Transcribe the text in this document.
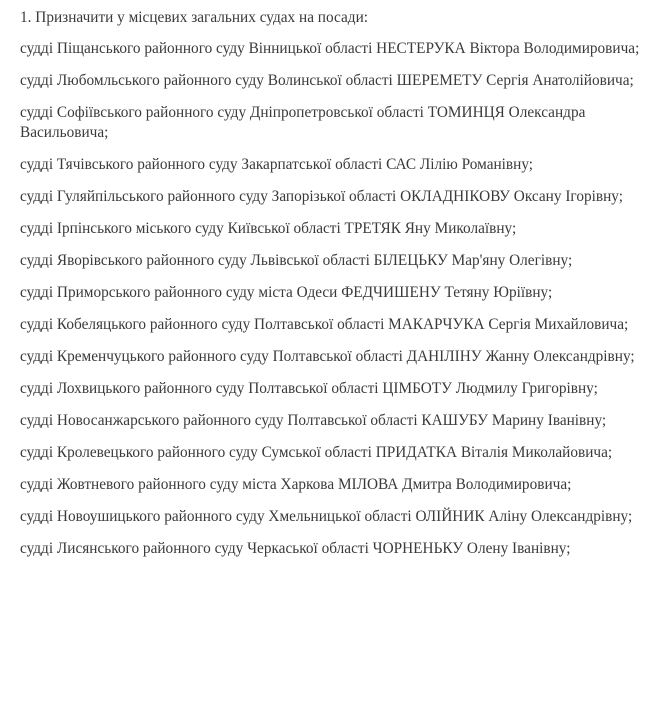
1. Призначити у місцевих загальних судах на посади:

судді Піщанського районного суду Вінницької області НЕСТЕРУКА Віктора Володимировича;

судді Любомльського районного суду Волинської області ШЕРЕМЕТУ Сергія Анатолійовича;

судді Софіївського районного суду Дніпропетровської області ТОМИНЦЯ Олександра Васильовича;

судді Тячівського районного суду Закарпатської області САС Лілію Романівну;

судді Гуляйпільського районного суду Запорізької області ОКЛАДНІКОВУ Оксану Ігорівну;

судді Ірпінського міського суду Київської області ТРЕТЯК Яну Миколаївну;

судді Яворівського районного суду Львівської області БІЛЕЦЬКУ Мар'яну Олегівну;

судді Приморського районного суду міста Одеси ФЕДЧИШЕНУ Тетяну Юріївну;

судді Кобеляцького районного суду Полтавської області МАКАРЧУКА Сергія Михайловича;

судді Кременчуцького районного суду Полтавської області ДАНІЛІНУ Жанну Олександрівну;

судді Лохвицького районного суду Полтавської області ЦІМБОТУ Людмилу Григорівну;

судді Новосанжарського районного суду Полтавської області КАШУБУ Марину Іванівну;

судді Кролевецького районного суду Сумської області ПРИДАТКА Віталія Миколайовича;

судді Жовтневого районного суду міста Харкова МІЛОВА Дмитра Володимировича;

судді Новоушицького районного суду Хмельницької області ОЛІЙНИК Аліну Олександрівну;

судді Лисянського районного суду Черкаської області ЧОРНЕНЬКУ Олену Іванівну;
